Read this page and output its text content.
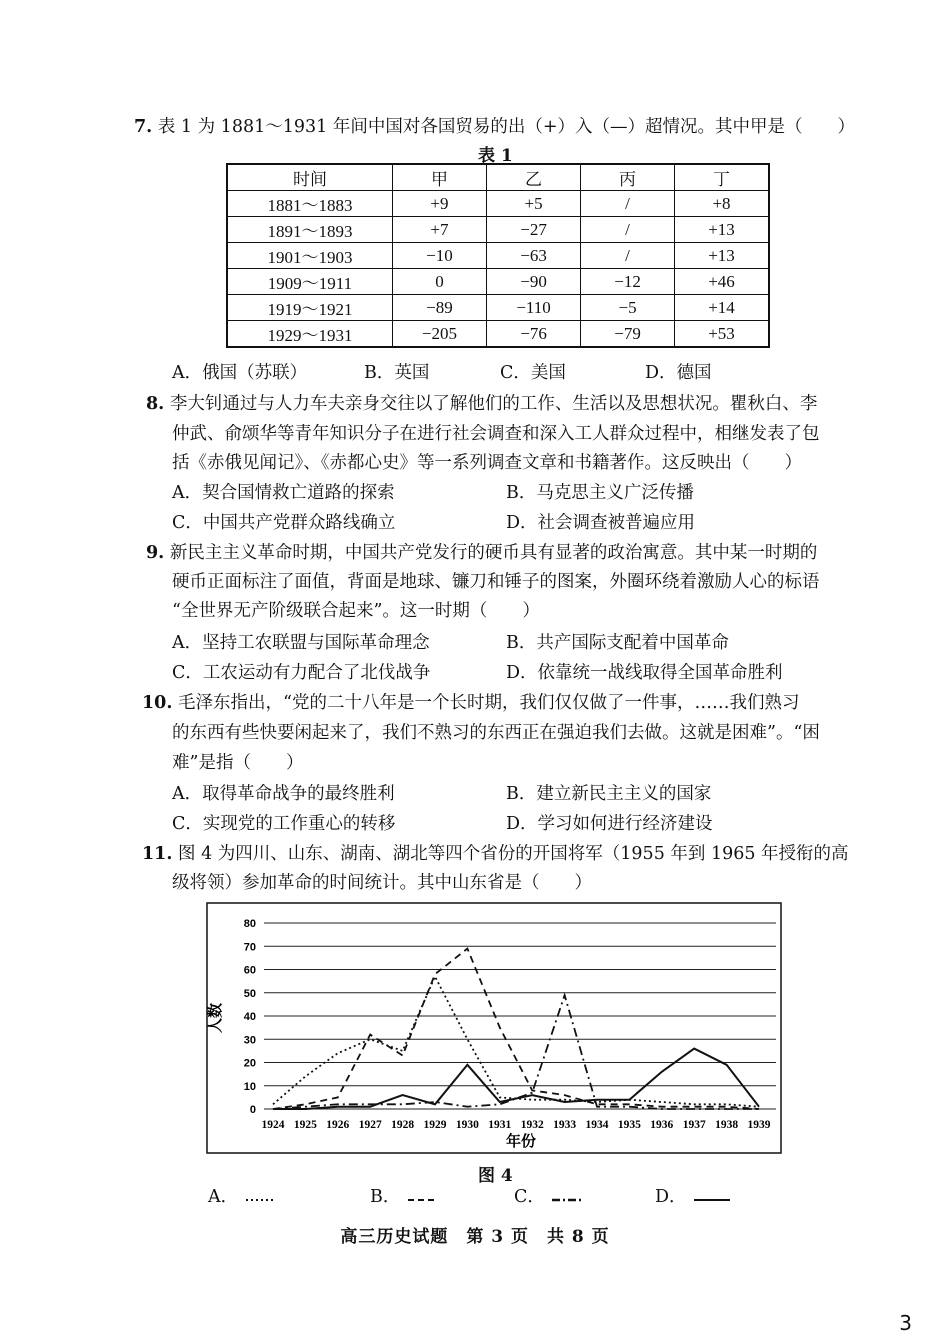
7. 表 1 为 1881～1931 年间中国对各国贸易的出（+）入（—）超情况。其中甲是（　　）
表 1
时间	甲	乙	丙	丁
1881～1883	+9	+5	/	+8
1891～1893	+7	−27	/	+13
1901～1903	−10	−63	/	+13
1909～1911	0	−90	−12	+46
1919～1921	−89	−110	−5	+14
1929～1931	−205	−76	−79	+53
A．俄国（苏联）	B．英国	C．美国	D．德国
8. 李大钊通过与人力车夫亲身交往以了解他们的工作、生活以及思想状况。瞿秋白、李
仲武、俞颂华等青年知识分子在进行社会调查和深入工人群众过程中，相继发表了包
括《赤俄见闻记》、《赤都心史》等一系列调查文章和书籍著作。这反映出（　　）
A．契合国情救亡道路的探索	B．马克思主义广泛传播
C．中国共产党群众路线确立	D．社会调查被普遍应用
9. 新民主主义革命时期，中国共产党发行的硬币具有显著的政治寓意。其中某一时期的
硬币正面标注了面值，背面是地球、镰刀和锤子的图案，外圈环绕着激励人心的标语
“全世界无产阶级联合起来”。这一时期（　　）
A．坚持工农联盟与国际革命理念	B．共产国际支配着中国革命
C．工农运动有力配合了北伐战争	D．依靠统一战线取得全国革命胜利
10. 毛泽东指出，“党的二十八年是一个长时期，我们仅仅做了一件事，……我们熟习
的东西有些快要闲起来了，我们不熟习的东西正在强迫我们去做。这就是困难”。“困
难”是指（　　）
A．取得革命战争的最终胜利	B．建立新民主主义的国家
C．实现党的工作重心的转移	D．学习如何进行经济建设
11. 图 4 为四川、山东、湖南、湖北等四个省份的开国将军（1955 年到 1965 年授衔的高
级将领）参加革命的时间统计。其中山东省是（　　）
0
10
20
30
40
50
60
70
80
1924 1925 1926 1927 1928 1929 1930 1931 1932 1933 1934 1935 1936 1937 1938 1939
人数
年份
图 4
A．	B．	C．	D．
高三历史试题　第 3 页　共 8 页
3
